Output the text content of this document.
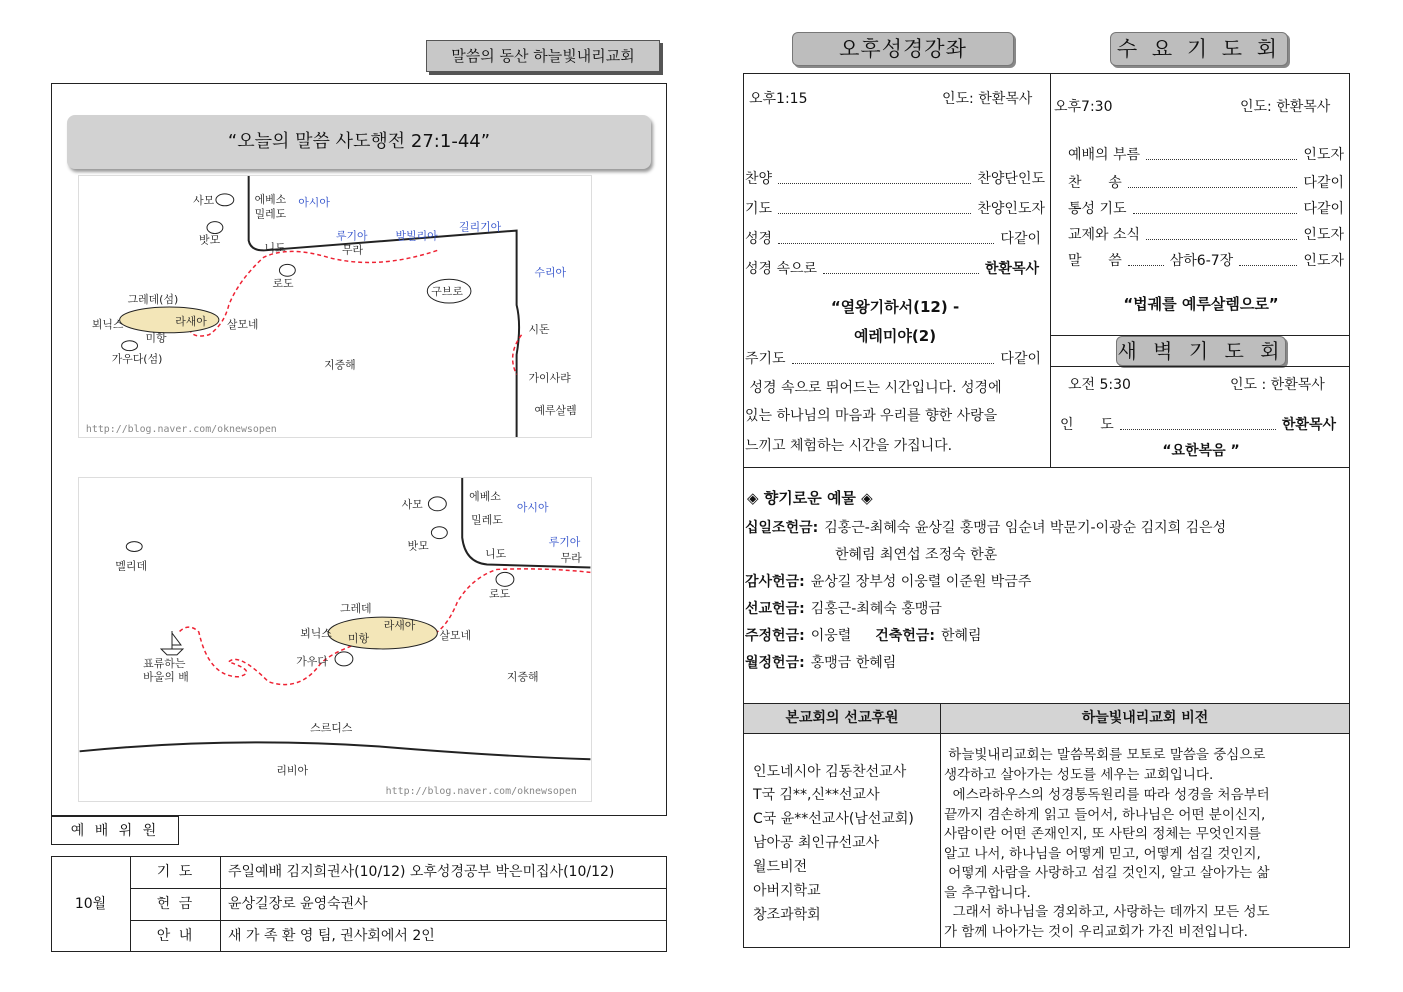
말씀의 동산 하늘빛내리교회
“오늘의 말씀 사도행전 27:1-44”
사모	에베소 아시아
밀레도
밧모	루기아	밤빌리아
길리기아
니도	무라
수리아
로도
구브로
그레데(섬)
뵈닉스	라새아 살모네
미항
가우다(섬)	지중해
시돈
가이사랴
예루살렘
http://blog.naver.com/oknewsopen
사모
에베소
아시아
밀레도
밧모
멜리데
니도
루기아
무라
로도
그레데
뵈닉스 미항
라새아
살모네
가우다
표류하는
바울의 배	지중해
스르디스
리비아
http://blog.naver.com/oknewsopen
예 배 위 원
10월
기 도	주일예배 김지희권사(10/12) 오후성경공부 박은미집사(10/12)
헌 금	윤상길장로 윤영숙권사
안 내	새 가 족 환 영 팀, 권사회에서 2인
오후성경강좌	수 요 기 도 회
오후1:15	인도: 한환목사
찬양	찬양단인도
기도	찬양인도자
성경	다같이
성경 속으로	한환목사
“열왕기하서(12) -
예레미야(2)
주기도	다같이
성경 속으로 뛰어드는 시간입니다. 성경에
있는 하나님의 마음과 우리를 향한 사랑을
느끼고 체험하는 시간을 가집니다.
오후7:30	인도: 한환목사
예배의 부름	인도자
찬      송	다같이
통성 기도	다같이
교제와 소식	인도자
말      씀	삼하6-7장	인도자
“법궤를 예루살렘으로”
새 벽 기 도 회
오전 5:30	인도 : 한환목사
인      도	한환목사
“요한복음 ”
◈ 향기로운 예물 ◈
십일조헌금: 김홍근-최혜숙 윤상길 홍맹금 임순녀 박문기-이광순 김지희 김은성
한혜림 최연섭 조정숙 한훈
감사헌금: 윤상길 장부성 이웅렬 이준원 박금주
선교헌금: 김홍근-최혜숙 홍맹금
주정헌금: 이웅렬 건축헌금: 한혜림
월정헌금: 홍맹금 한혜림
본교회의 선교후원	하늘빛내리교회 비전
인도네시아 김동찬선교사
T국 김**,신**선교사
C국 윤**선교사(남선교회)
남아공 최인규선교사
월드비전
아버지학교
창조과학회
하늘빛내리교회는 말씀목회를 모토로 말씀을 중심으로
생각하고 살아가는 성도를 세우는 교회입니다.
에스라하우스의 성경통독원리를 따라 성경을 처음부터
끝까지 겸손하게 읽고 들어서, 하나님은 어떤 분이신지,
사람이란 어떤 존재인지, 또 사탄의 정체는 무엇인지를
알고 나서, 하나님을 어떻게 믿고, 어떻게 섬길 것인지,
어떻게 사람을 사랑하고 섬길 것인지, 알고 살아가는 삶
을 추구합니다.
그래서 하나님을 경외하고, 사랑하는 데까지 모든 성도
가 함께 나아가는 것이 우리교회가 가진 비전입니다.
